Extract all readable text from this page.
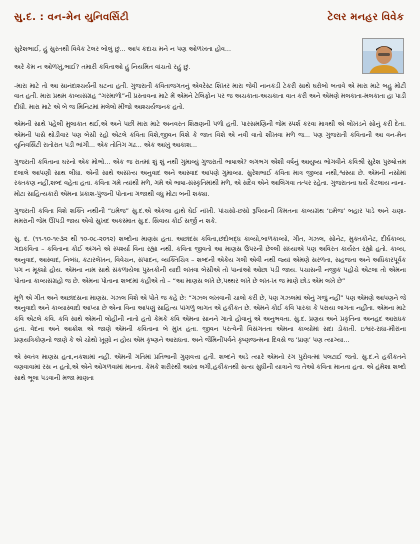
સુ.દ. : વન-મેન યુનિવર્સિટી	ટેલર મનહર વિવેક

સુરેશભાઈ, હું સુરતથી વિવેક ટેલર બોલું છું... આપ કદાચ મને ન પણ ઓળખતા હોવ...

અરે કેમ ન ઓળખું,ભાઈ? તમારી કવિતાઓ હું નિયમિત વાંચતો રહું છું.

-મારા માટે તો આ સાનંદાશ્ચર્યની ઘટના હતી. ગુજરાતી કવિતાજગતનું એવરેસ્ટ શિખર મારા જેવી નાનકડી ટેકરી સાથે ઘરોબો બતાવે એ મારા માટે બહુ મોટી વાત હતી. મારા પ્રથમ કાવ્યસંગ્રહ “ગરમાળો”ની પ્રસ્તાવના માટે મેં એમને ટેલિફોન પર જ અચકાતા-અચકાતા વાત કરી અને એમણે મલકાતા-મલકાતા હા પાડી દીધી. મારા માટે એ બે જ મિનિટમાં મલેલો મીંજો આશ્ચર્યજનક હતો.

એમની સાથે પહેલી મુલાકાત થઈ,એ અને પછી મારા માટે અનવરત શિક્ષણની પળો હતી. પારસમણિની જેમ સ્પર્શ કરવા માત્રથી એ લોખંડને સોનું કરી દેતા. એમની પાસે થોડીવાર પણ બેસી રહો એટલે કવિતા વિશે,જીવન વિશે કે જાત વિશે એ નવી વાતો શીખવા મળે જ... પણ ગુજરાતી કવિતાની આ વન-મેન યુનિવર્સિટી રાતોરાત પડી ભાંગી... એક તોતિંગ ગઢ... એક આખું આકાશ...

ગુજરાતી કવિતાના ઘરનો એક મોભો... એક જ રાતમાં શું શું નથી ગુમાવ્યું ગુજરાતી ભાષાએ? લગભગ એંશી વર્ષનું આયુષ્ય ભોગવીને કવિશ્રી સુરેશ પુરુષોત્તમ દલાલે આપણી સાથ લીધા. એની સાથે અસંખ્ય અનુવાદ અને આસ્વાદ આપણે ગુમાવ્યા. સુરેશભાઈ કવિતા માત્ર જીવ્યા નથી,શ્વસ્યા છે. એમની નસોમાં રક્તકણ નહીં,શબ્દ વહેતા હતા. કવિતા ગમે ત્યાંથી મળે, ગમે એ ભાષા-સંસ્કૃતિમાંથી મળે, એ સદૈવ એને આલિંગવા તત્પર રહેતા. ગુજરાતના ઘર્યે કેટલાય નાના-મોટા સાહિત્યકારો એમના પ્રકાશ-પુંજની પોતાના ગજાથી વધુ મોટા બની શક્યા.

ગુજરાતી કવિતા વિશે શક્તિ નથીની “ઇમેજ” સુ.દ.એ એકલા હાથે ઘેઈ નાંખી. પાંચસો-છસો રૂપિયાની કિંમતના કાવ્યગ્રંથ ‘ઇમેજ’ બહાર પાડે અને ચણા-મમરાની જેમ ઊપડી જાય એવો સુખદ અકસ્માત સુ.દ. સિવાય કોઈ સર્જી ન શકે.

સુ. દ. (૧૧-૧૦-૧૯૩૨ થી ૧૦-૦૮-૨૦૧૨) શબ્દોના માણસ હતા. અછાંદસ કવિતા,છંદોબદ્ધ કાવ્યો,બાળકાવ્યો, ગીત, ગઝલ, સોનેટ, મુક્તકોનેટ, દીર્ઘકાવ્ય, ગદ્યકવિતા – કવિતાના કોઈ અંગને એ સ્પર્શ્યા વિના રહ્યા નથી. કવિતા જીવતો આ માણસ ઉપરની છેલ્લી સંધ્યાએ પણ અવિરત કાર્યરત રહ્યો હતો. કાવ્ય, અનુવાદ, આસ્વાદ, નિબંધ, કટારલેખન, વિવેચન, સંપાદન, વ્યક્તિચિત્ર – શબ્દની એકેય ગલી એવી નથી જ્યાં એમણે સરળતા, સહજતા અને અધિકારપૂર્વક પગ ન મૂક્યો હોય. એમના નામ સાથે સંકળાયેલા પુસ્તકોની યાદી લખવા બેસીએ તો પાનાંઓ ઓછા પડી જાય. પચાસની નજીક પહોંચે એટલા તો એમના પોતાના કાવ્યસંગ્રહો જ છે. એમના પોતાના શબ્દમાં કહીએ તો – “આ માણસ લખે છે,પથ્થર લખે છે લખ-ખ જ માણે છોડ એમ લખે છે”

મૂળે એ ગીત અને અછાંદસના માણસ. ગઝલ વિશે એ પોતે જ કહે છે: “ગઝલ લખવાની ચાલો કરી છે, પણ ગઝલમાં એનું ગજું નહીં” પણ એમણે આપણને જે અનુવાદો અને કાવ્યાસ્વાદો આપ્યા છે એના વિના આપણું સાહિત્ય પાંગળું લાગત એ હકીકત છે. એમને કોઈ કવિ પારકા કે પરાયા લાગતા નહીંતા. એમના માટે કવિ એટલે કવિ. કવિ સાથે એમની લોહીની નાતો હતો કેમકે કવિ એમના સાનને ગાતો હોવાનું એ અનુભવતા. સુ.દ. પ્રણય અને પ્રકૃતિના અનહદ આરાધક હતા. વેદના અને આક્રોશ એ જાણે એમની કવિતાના બે મુખ હતા. જીવન પરત્વેની વિસંગતતા એમના કાવ્યોમાં સદા ડોકાતી. ઇશ્વર-રાધા-મીરાંના પ્રણયત્રિકોણનો જાણે કે એ ચોથો ખૂણો ન હોય એમ કૃષ્ણને આરાધતા. અને જૈમિનીપર્વને કૃષ્ણજન્મના દિવસે જ ‘પ્રાણ’ પણ ત્યાગ્યા...

એ સ્વતંત્ર માણસ હતા,નકશામાં નહીં. એમની ગતિમાં પ્રતિભાની ગુણવત્તા હતી. શબ્દને અડે ત્યારે એમનો રંગ પુરોવત્માં પલટાઈ જતો. સુ.દ.ને હકીકતને વણવાવામાં રસ ન હતો,એ એને ઓગળવામાં માનતા. કેમકે શરીરથી આખા લગી,હકીકતથી સત્ય સુધીની યાત્રાને જ તેઓ કવિતા માનતા હતા. એ હંમેશા શબ્દો સાથે ભૂલા પડવાની મજા માણતા
